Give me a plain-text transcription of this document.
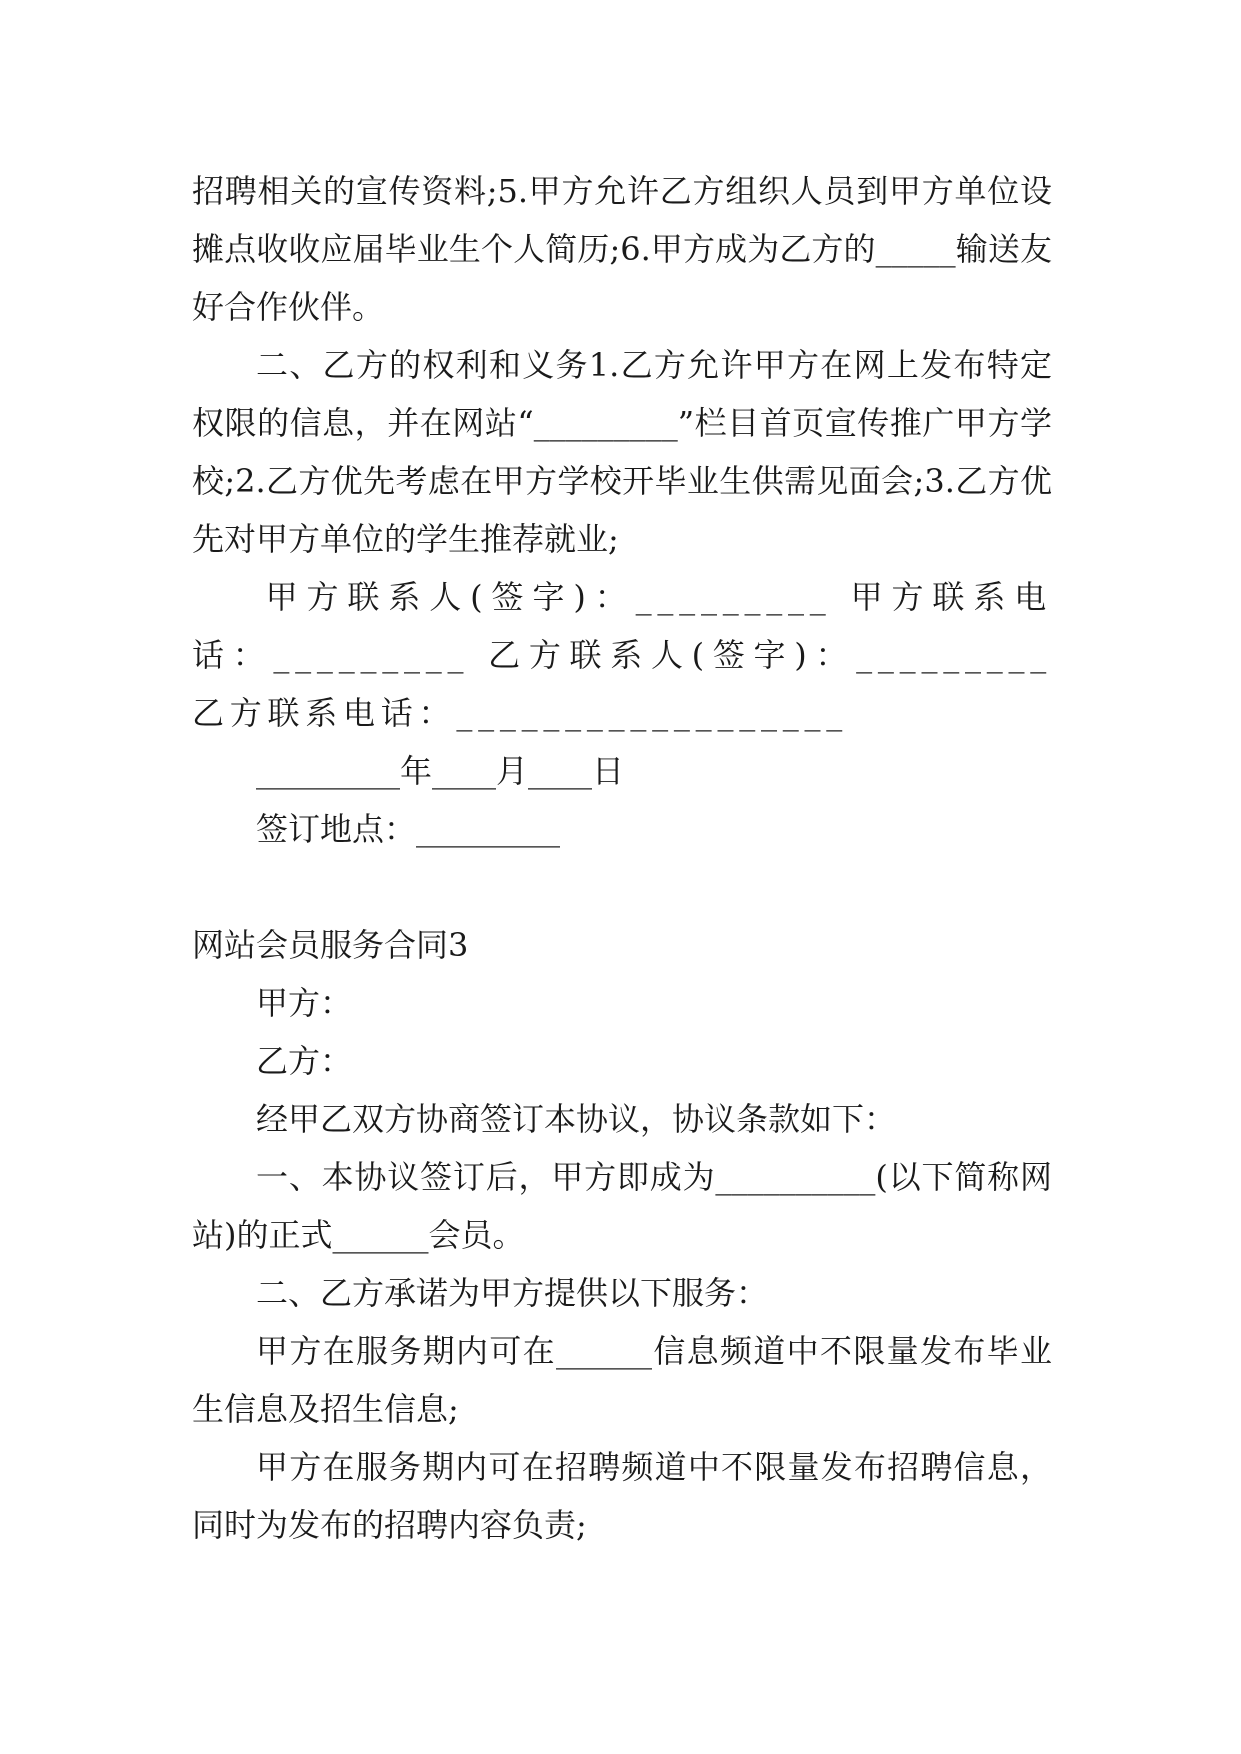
招聘相关的宣传资料;5.甲方允许乙方组织人员到甲方单位设摊点收收应届毕业生个人简历;6.甲方成为乙方的_____输送友好合作伙伴。

二、乙方的权利和义务1.乙方允许甲方在网上发布特定权限的信息，并在网站“_________”栏目首页宣传推广甲方学校;2.乙方优先考虑在甲方学校开毕业生供需见面会;3.乙方优先对甲方单位的学生推荐就业;

甲方联系人(签字)：_________ 甲方联系电话：_________ 乙方联系人(签字)：_________ 乙方联系电话：__________________

_________年____月____日

签订地点：_________

网站会员服务合同3

甲方：

乙方：

经甲乙双方协商签订本协议，协议条款如下：

一、本协议签订后，甲方即成为__________(以下简称网站)的正式______会员。

二、乙方承诺为甲方提供以下服务：

甲方在服务期内可在______信息频道中不限量发布毕业生信息及招生信息;

甲方在服务期内可在招聘频道中不限量发布招聘信息，同时为发布的招聘内容负责;
